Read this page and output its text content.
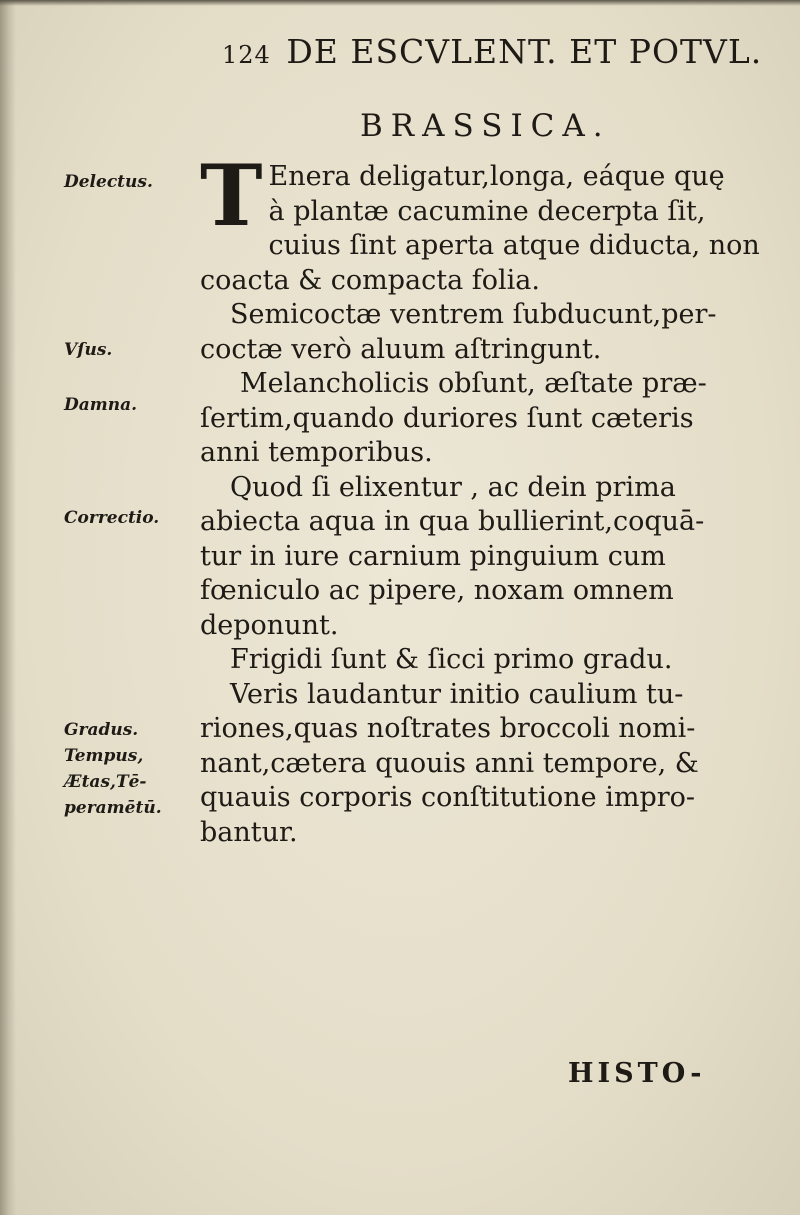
124 DE ESCVLENT. ET POTVL.
BRASSICA.
T Enera deligatur,longa, eáque quę
à plantæ cacumine decerpta ſit,
cuius ſint aperta atque diducta, non
coacta & compacta folia.
Semicoctæ ventrem ſubducunt,per-
coctæ verò aluum aſtringunt.
Melancholicis obſunt, æſtate præ-
ſertim,quando duriores ſunt cæteris
anni temporibus.
Quod ſi elixentur , ac dein prima
abiecta aqua in qua bullierint,coquā-
tur in iure carnium pinguium cum
fœniculo ac pipere, noxam omnem
deponunt.
Frigidi ſunt & ſicci primo gradu.
Veris laudantur initio caulium tu-
riones,quas noſtrates broccoli nomi-
nant,cætera quouis anni tempore, &
quauis corporis conſtitutione impro-
bantur.
Delectus.
Vſus.
Damna.
Correctio.
Gradus.
Tempus,
Ætas,Tē-
peramētū.
HISTO-
